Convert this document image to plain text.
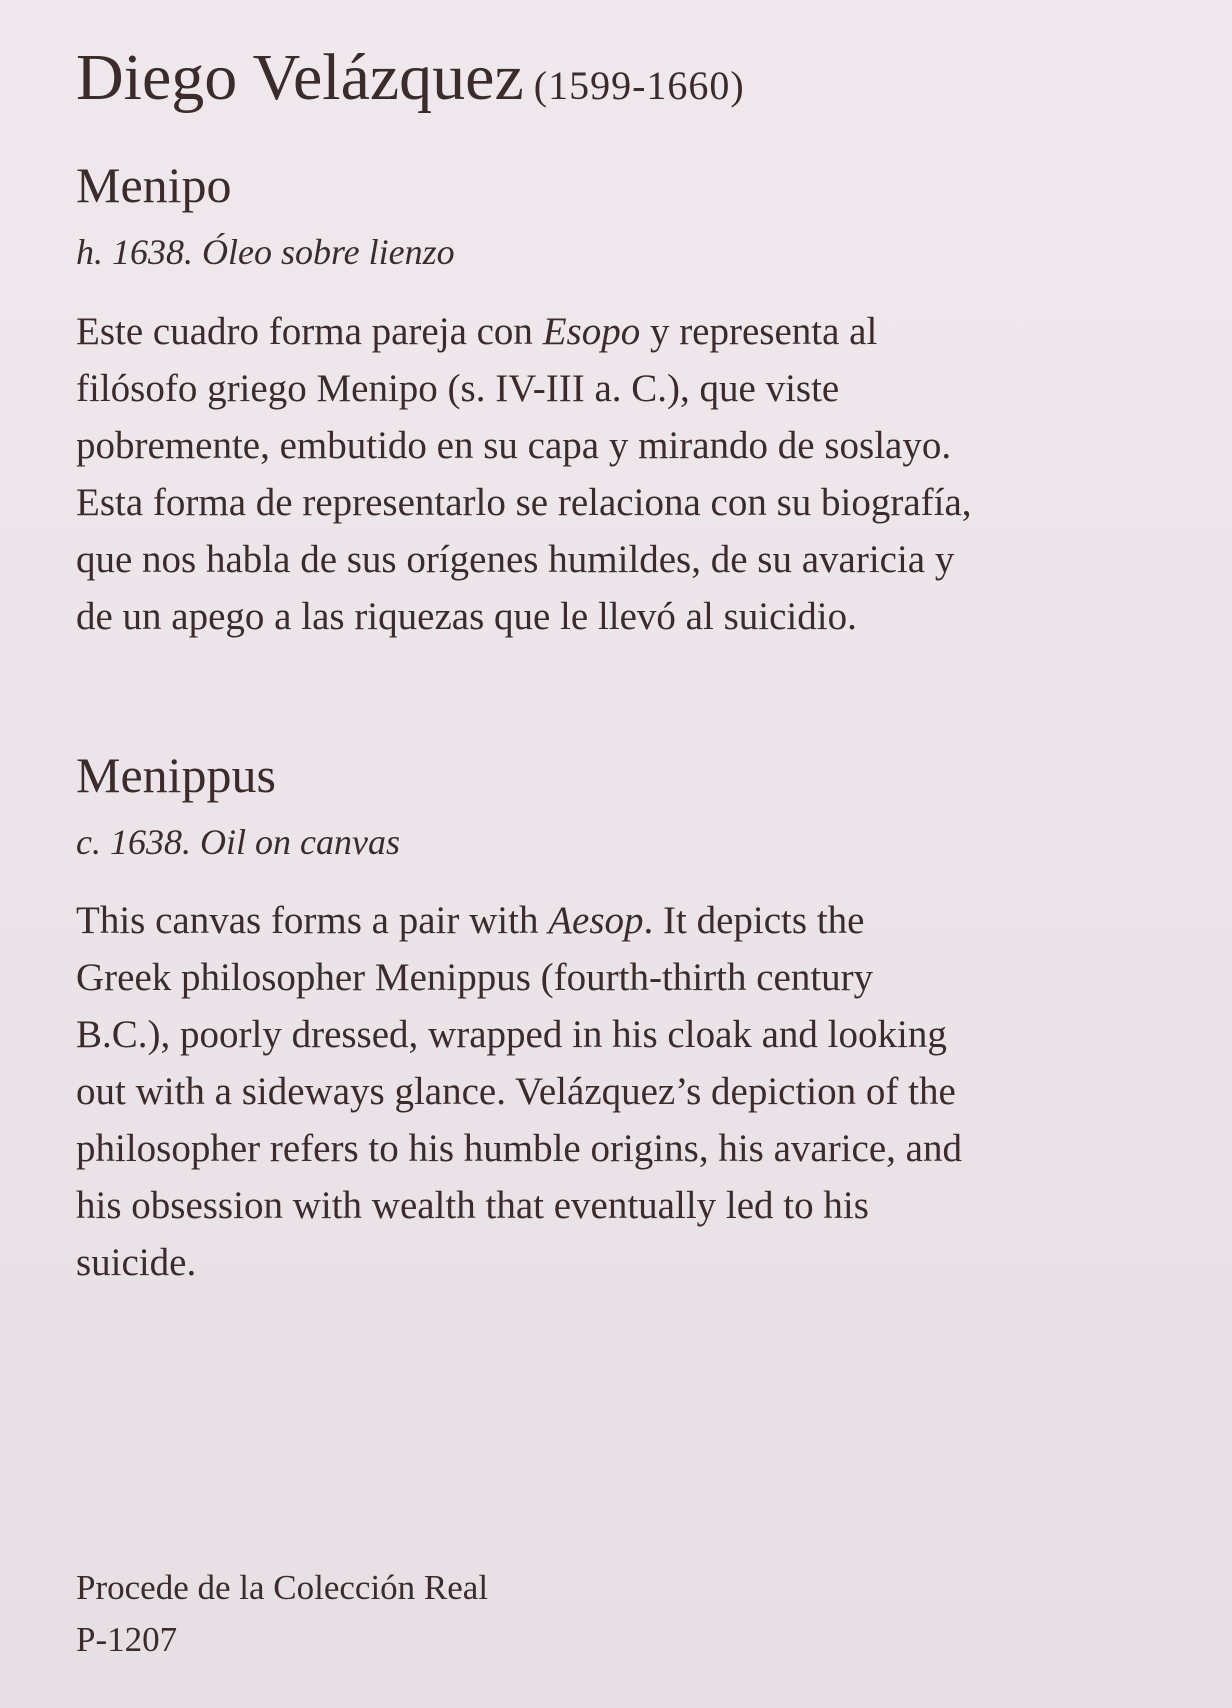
Diego Velázquez (1599-1660)
Menipo
h. 1638. Óleo sobre lienzo
Este cuadro forma pareja con Esopo y representa al
filósofo griego Menipo (s. IV-III a. C.), que viste
pobremente, embutido en su capa y mirando de soslayo.
Esta forma de representarlo se relaciona con su biografía,
que nos habla de sus orígenes humildes, de su avaricia y
de un apego a las riquezas que le llevó al suicidio.
Menippus
c. 1638. Oil on canvas
This canvas forms a pair with Aesop. It depicts the
Greek philosopher Menippus (fourth-thirth century
B.C.), poorly dressed, wrapped in his cloak and looking
out with a sideways glance. Velázquez’s depiction of the
philosopher refers to his humble origins, his avarice, and
his obsession with wealth that eventually led to his
suicide.
Procede de la Colección Real
P-1207
